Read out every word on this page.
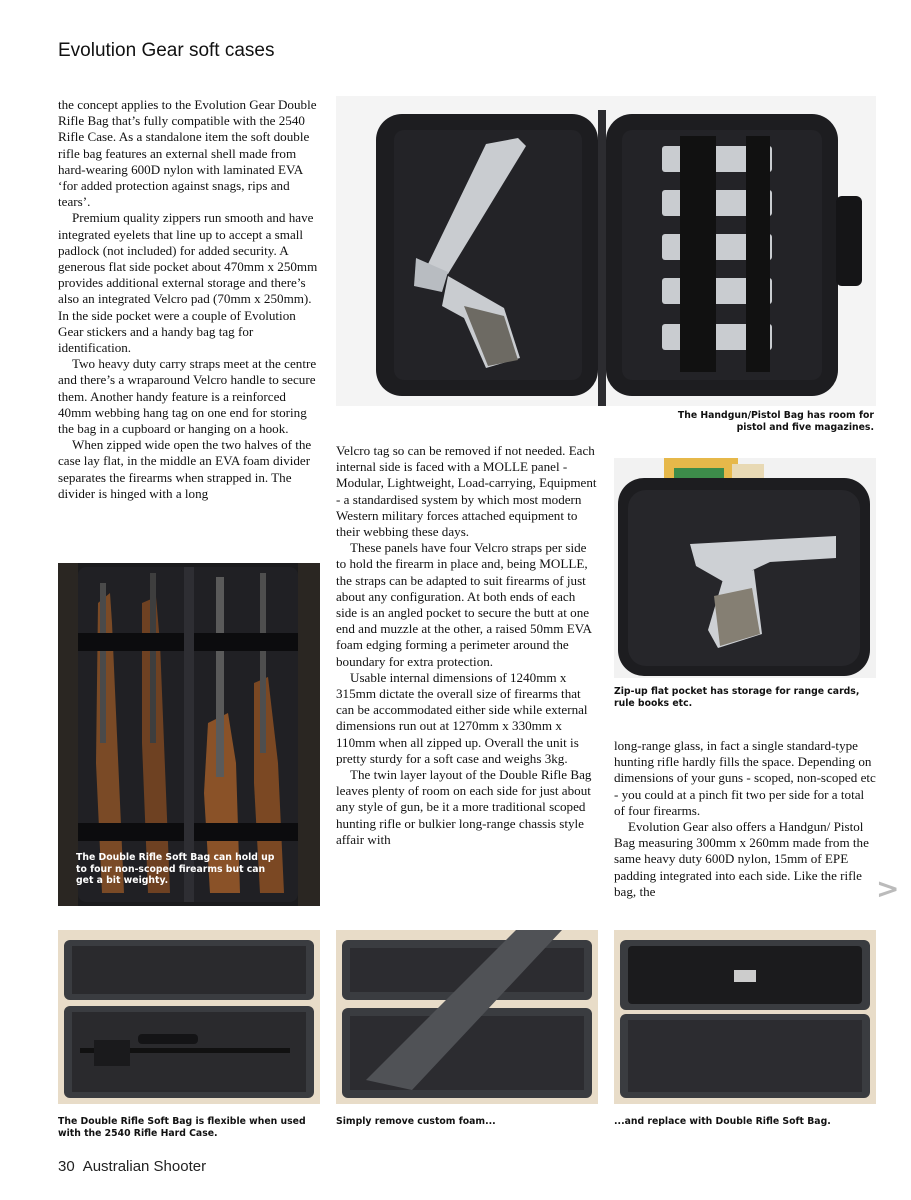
Evolution Gear soft cases

the concept applies to the Evolution Gear Double Rifle Bag that’s fully compatible with the 2540 Rifle Case. As a standalone item the soft double rifle bag features an external shell made from hard-wearing 600D nylon with laminated EVA ‘for added protection against snags, rips and tears’.

Premium quality zippers run smooth and have integrated eyelets that line up to accept a small padlock (not included) for added security. A generous flat side pocket about 470mm x 250mm provides additional external storage and there’s also an integrated Velcro pad (70mm x 250mm). In the side pocket were a couple of Evolution Gear stickers and a handy bag tag for identification.

Two heavy duty carry straps meet at the centre and there’s a wraparound Velcro handle to secure them. Another handy feature is a reinforced 40mm webbing hang tag on one end for storing the bag in a cupboard or hanging on a hook.

When zipped wide open the two halves of the case lay flat, in the middle an EVA foam divider separates the firearms when strapped in. The divider is hinged with a long

Velcro tag so can be removed if not needed. Each internal side is faced with a MOLLE panel - Modular, Lightweight, Load-carrying, Equipment - a standardised system by which most modern Western military forces attached equipment to their webbing these days.

These panels have four Velcro straps per side to hold the firearm in place and, being MOLLE, the straps can be adapted to suit firearms of just about any configuration. At both ends of each side is an angled pocket to secure the butt at one end and muzzle at the other, a raised 50mm EVA foam edging forming a perimeter around the boundary for extra protection.

Usable internal dimensions of 1240mm x 315mm dictate the overall size of firearms that can be accommodated either side while external dimensions run out at 1270mm x 330mm x 110mm when all zipped up. Overall the unit is pretty sturdy for a soft case and weighs 3kg.

The twin layer layout of the Double Rifle Bag leaves plenty of room on each side for just about any style of gun, be it a more traditional scoped hunting rifle or bulkier long-range chassis style affair with

long-range glass, in fact a single standard-type hunting rifle hardly fills the space. Depending on dimensions of your guns - scoped, non-scoped etc - you could at a pinch fit two per side for a total of four firearms.

Evolution Gear also offers a Handgun/ Pistol Bag measuring 300mm x 260mm made from the same heavy duty 600D nylon, 15mm of EPE padding integrated into each side. Like the rifle bag, the

The Handgun/Pistol Bag has room for pistol and five magazines.
Zip-up flat pocket has storage for range cards, rule books etc.
The Double Rifle Soft Bag can hold up to four non-scoped firearms but can get a bit weighty.
The Double Rifle Soft Bag is flexible when used with the 2540 Rifle Hard Case.
Simply remove custom foam...	...and replace with Double Rifle Soft Bag.
>
30 Australian Shooter
